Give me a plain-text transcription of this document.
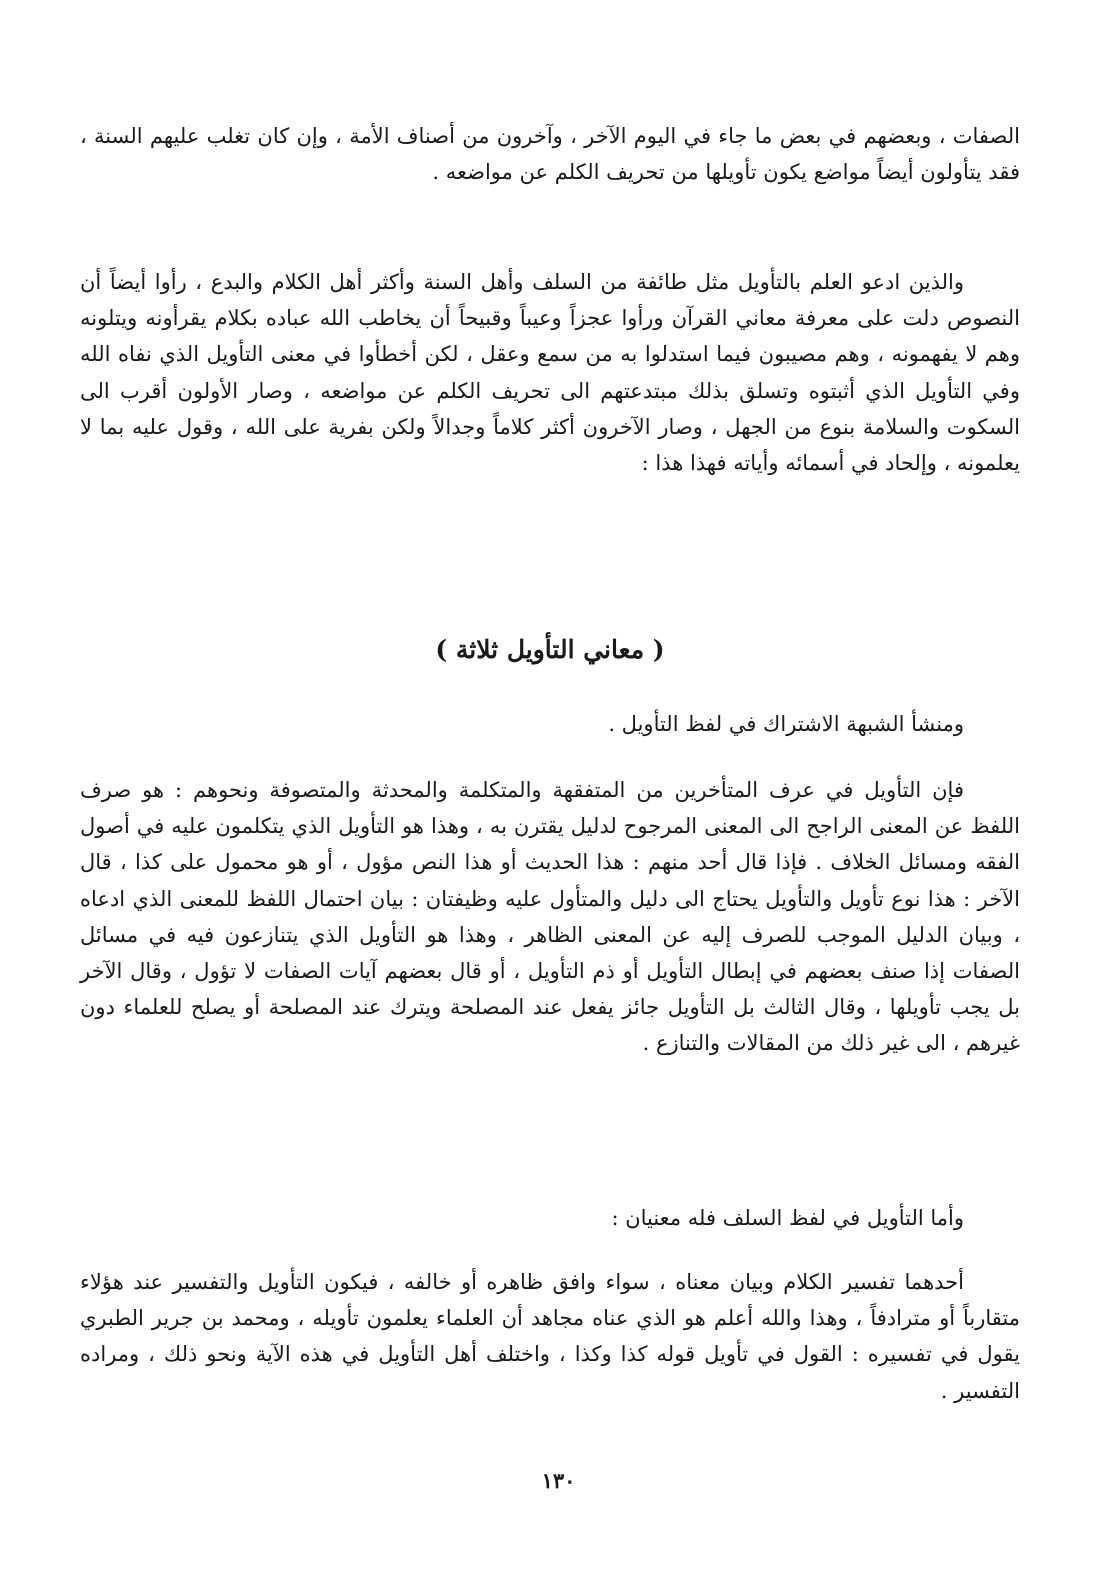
الصفات ، وبعضهم في بعض ما جاء في اليوم الآخر ، وآخرون من أصناف الأمة ، وإن كان تغلب عليهم السنة ، فقد يتأولون أيضاً مواضع يكون تأويلها من تحريف الكلم عن مواضعه .

والذين ادعو العلم بالتأويل مثل طائفة من السلف وأهل السنة وأكثر أهل الكلام والبدع ، رأوا أيضاً أن النصوص دلت على معرفة معاني القرآن ورأوا عجزاً وعيباً وقبيحاً أن يخاطب الله عباده بكلام يقرأونه ويتلونه وهم لا يفهمونه ، وهم مصيبون فيما استدلوا به من سمع وعقل ، لكن أخطأوا في معنى التأويل الذي نفاه الله وفي التأويل الذي أثبتوه وتسلق بذلك مبتدعتهم الى تحريف الكلم عن مواضعه ، وصار الأولون أقرب الى السكوت والسلامة بنوع من الجهل ، وصار الآخرون أكثر كلاماً وجدالاً ولكن بفرية على الله ، وقول عليه بما لا يعلمونه ، وإلحاد في أسمائه وأياته فهذا هذا :

( معاني التأويل ثلاثة )

ومنشأ الشبهة الاشتراك في لفظ التأويل .

فإن التأويل في عرف المتأخرين من المتفقهة والمتكلمة والمحدثة والمتصوفة ونحوهم : هو صرف اللفظ عن المعنى الراجح الى المعنى المرجوح لدليل يقترن به ، وهذا هو التأويل الذي يتكلمون عليه في أصول الفقه ومسائل الخلاف . فإذا قال أحد منهم : هذا الحديث أو هذا النص مؤول ، أو هو محمول على كذا ، قال الآخر : هذا نوع تأويل والتأويل يحتاج الى دليل والمتأول عليه وظيفتان : بيان احتمال اللفظ للمعنى الذي ادعاه ، وبيان الدليل الموجب للصرف إليه عن المعنى الظاهر ، وهذا هو التأويل الذي يتنازعون فيه في مسائل الصفات إذا صنف بعضهم في إبطال التأويل أو ذم التأويل ، أو قال بعضهم آيات الصفات لا تؤول ، وقال الآخر بل يجب تأويلها ، وقال الثالث بل التأويل جائز يفعل عند المصلحة ويترك عند المصلحة أو يصلح للعلماء دون غيرهم ، الى غير ذلك من المقالات والتنازع .

وأما التأويل في لفظ السلف فله معنيان :

أحدهما تفسير الكلام وبيان معناه ، سواء وافق ظاهره أو خالفه ، فيكون التأويل والتفسير عند هؤلاء متقارباً أو مترادفاً ، وهذا والله أعلم هو الذي عناه مجاهد أن العلماء يعلمون تأويله ، ومحمد بن جرير الطبري يقول في تفسيره : القول في تأويل قوله كذا وكذا ، واختلف أهل التأويل في هذه الآية ونحو ذلك ، ومراده التفسير .

١٣٠
